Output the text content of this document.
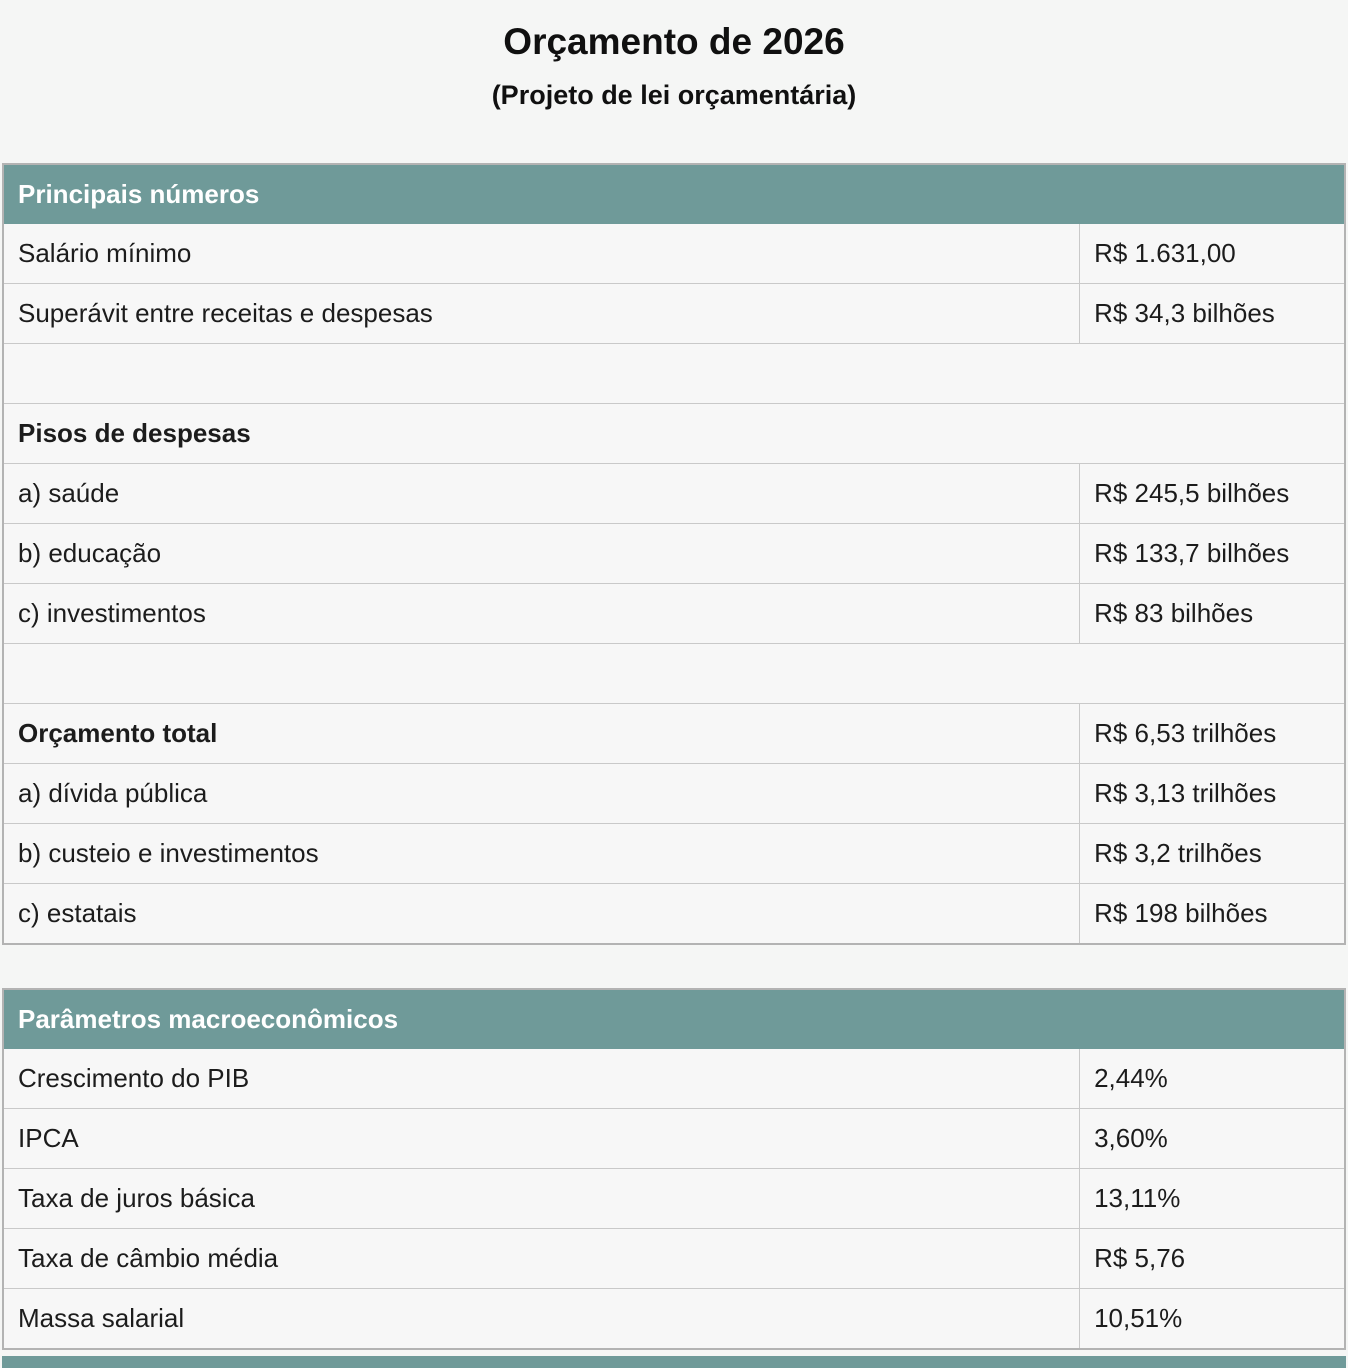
Orçamento de 2026
(Projeto de lei orçamentária)
Principais números	
Salário mínimo	R$ 1.631,00
Superávit entre receitas e despesas	R$ 34,3 bilhões

Pisos de despesas	
a) saúde	R$ 245,5 bilhões
b) educação	R$ 133,7 bilhões
c) investimentos	R$ 83 bilhões

Orçamento total	R$ 6,53 trilhões
a) dívida pública	R$ 3,13 trilhões
b) custeio e investimentos	R$ 3,2 trilhões
c) estatais	R$ 198 bilhões
Parâmetros macroeconômicos	
Crescimento do PIB	2,44%
IPCA	3,60%
Taxa de juros básica	13,11%
Taxa de câmbio média	R$ 5,76
Massa salarial	10,51%
